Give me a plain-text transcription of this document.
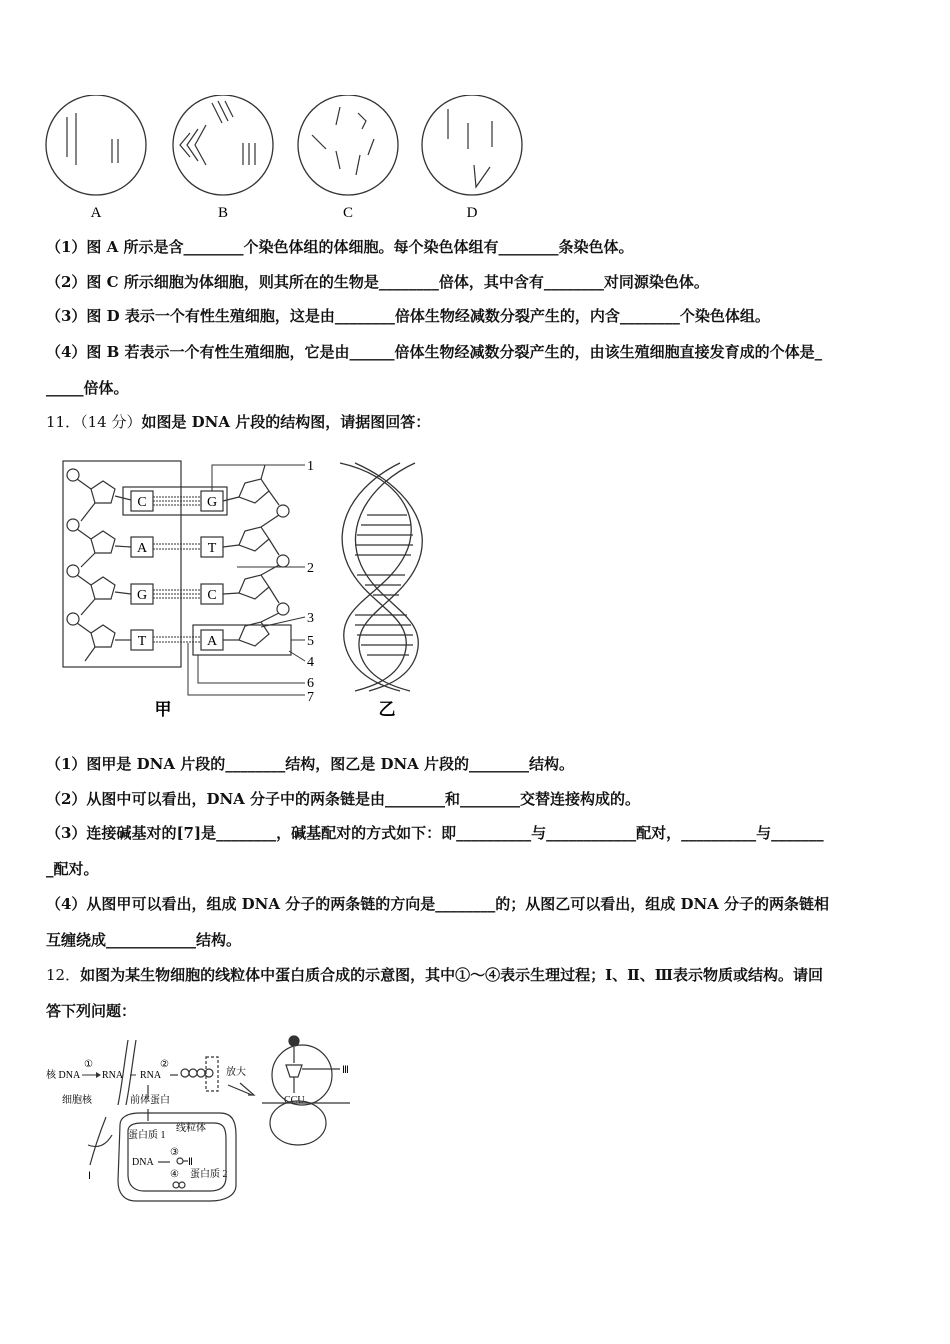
A	B	C	D
（1）图 A 所示是含________个染色体组的体细胞。每个染色体组有________条染色体。
（2）图 C 所示细胞为体细胞，则其所在的生物是________倍体，其中含有________对同源染色体。
（3）图 D 表示一个有性生殖细胞，这是由________倍体生物经减数分裂产生的，内含________个染色体组。
（4）图 B 若表示一个有性生殖细胞，它是由______倍体生物经减数分裂产生的，由该生殖细胞直接发育成的个体是_
_____倍体。
11．（14 分）如图是 DNA 片段的结构图，请据图回答：
C	G
A	T
G	C
T	A
1
2
3
5
4
6
7
甲	乙
（1）图甲是 DNA 片段的________结构，图乙是 DNA 片段的________结构。
（2）从图中可以看出，DNA 分子中的两条链是由________和________交替连接构成的。
（3）连接碱基对的[7]是________，碱基配对的方式如下：即__________与____________配对，__________与_______
_配对。
（4）从图甲可以看出，组成 DNA 分子的两条链的方向是________的；从图乙可以看出，组成 DNA 分子的两条链相
互缠绕成____________结构。
12．如图为某生物细胞的线粒体中蛋白质合成的示意图，其中①～④表示生理过程；Ⅰ、Ⅱ、Ⅲ表示物质或结构。请回
答下列问题：
核 DNA
①
RNA
细胞核
RNA
②
前体蛋白
蛋白质 1
线粒体
DNA
③
Ⅱ
④ 蛋白质 2
Ⅰ
放大	Ⅲ
CCU
